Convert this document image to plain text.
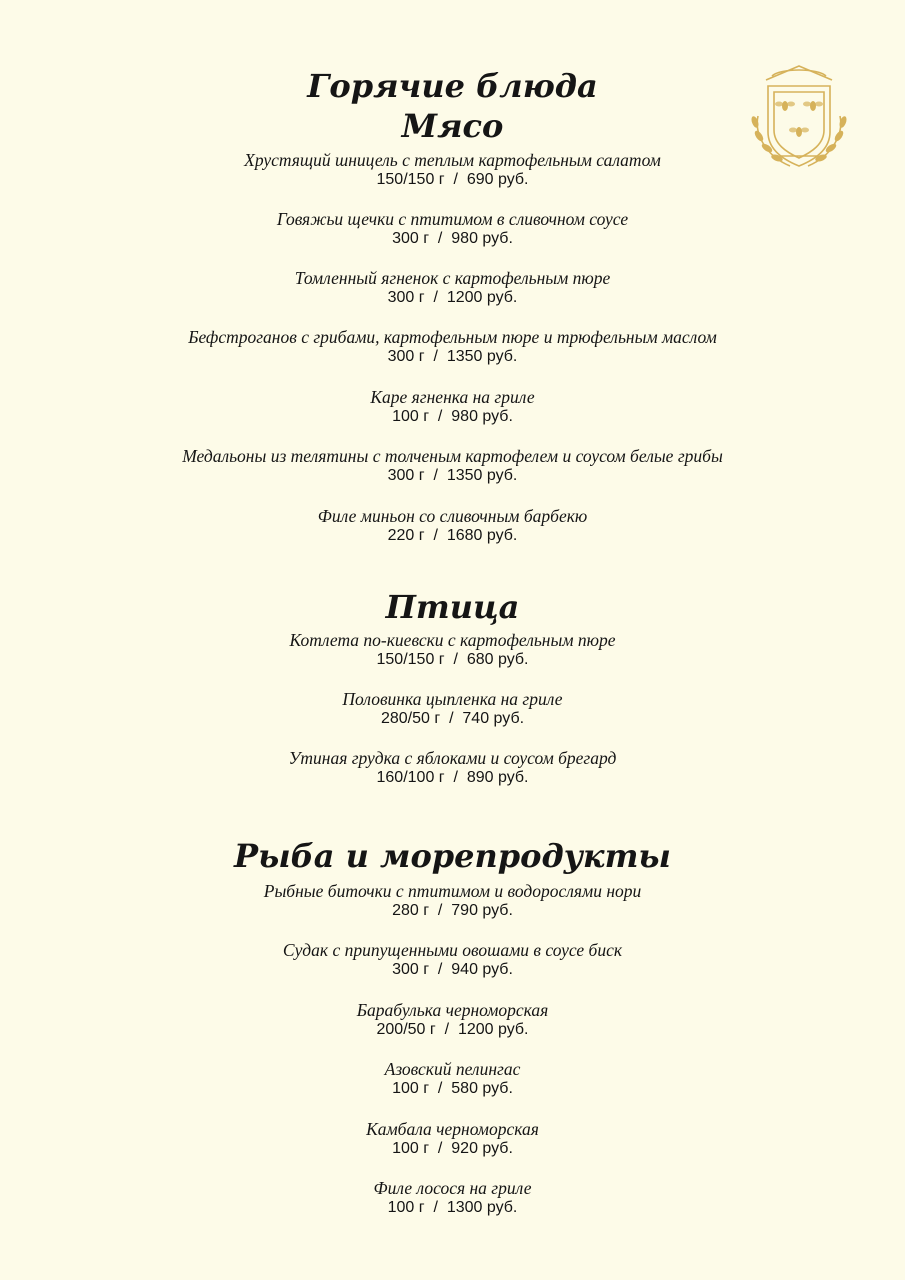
Горячие блюда
Мясо
Хрустящий шницель с теплым картофельным салатом
150/150 г  /  690 руб.
Говяжьи щечки с птитимом в сливочном соусе
300 г  /  980 руб.
Томленный ягненок с картофельным пюре
300 г  /  1200 руб.
Бефстроганов с грибами, картофельным пюре и трюфельным маслом
300 г  /  1350 руб.
Каре ягненка на гриле
100 г  /  980 руб.
Медальоны из телятины с толченым картофелем и соусом белые грибы
300 г  /  1350 руб.
Филе миньон со сливочным барбекю
220 г  /  1680 руб.
Птица
Котлета по-киевски с картофельным пюре
150/150 г  /  680 руб.
Половинка цыпленка на гриле
280/50 г  /  740 руб.
Утиная грудка с яблоками и соусом брегард
160/100 г  /  890 руб.
Рыба и морепродукты
Рыбные биточки с птитимом и водорослями нори
280 г  /  790 руб.
Судак с припущенными овошами в соусе биск
300 г  /  940 руб.
Барабулька черноморская
200/50 г  /  1200 руб.
Азовский пелингас
100 г  /  580 руб.
Камбала черноморская
100 г  /  920 руб.
Филе лосося на гриле
100 г  /  1300 руб.
